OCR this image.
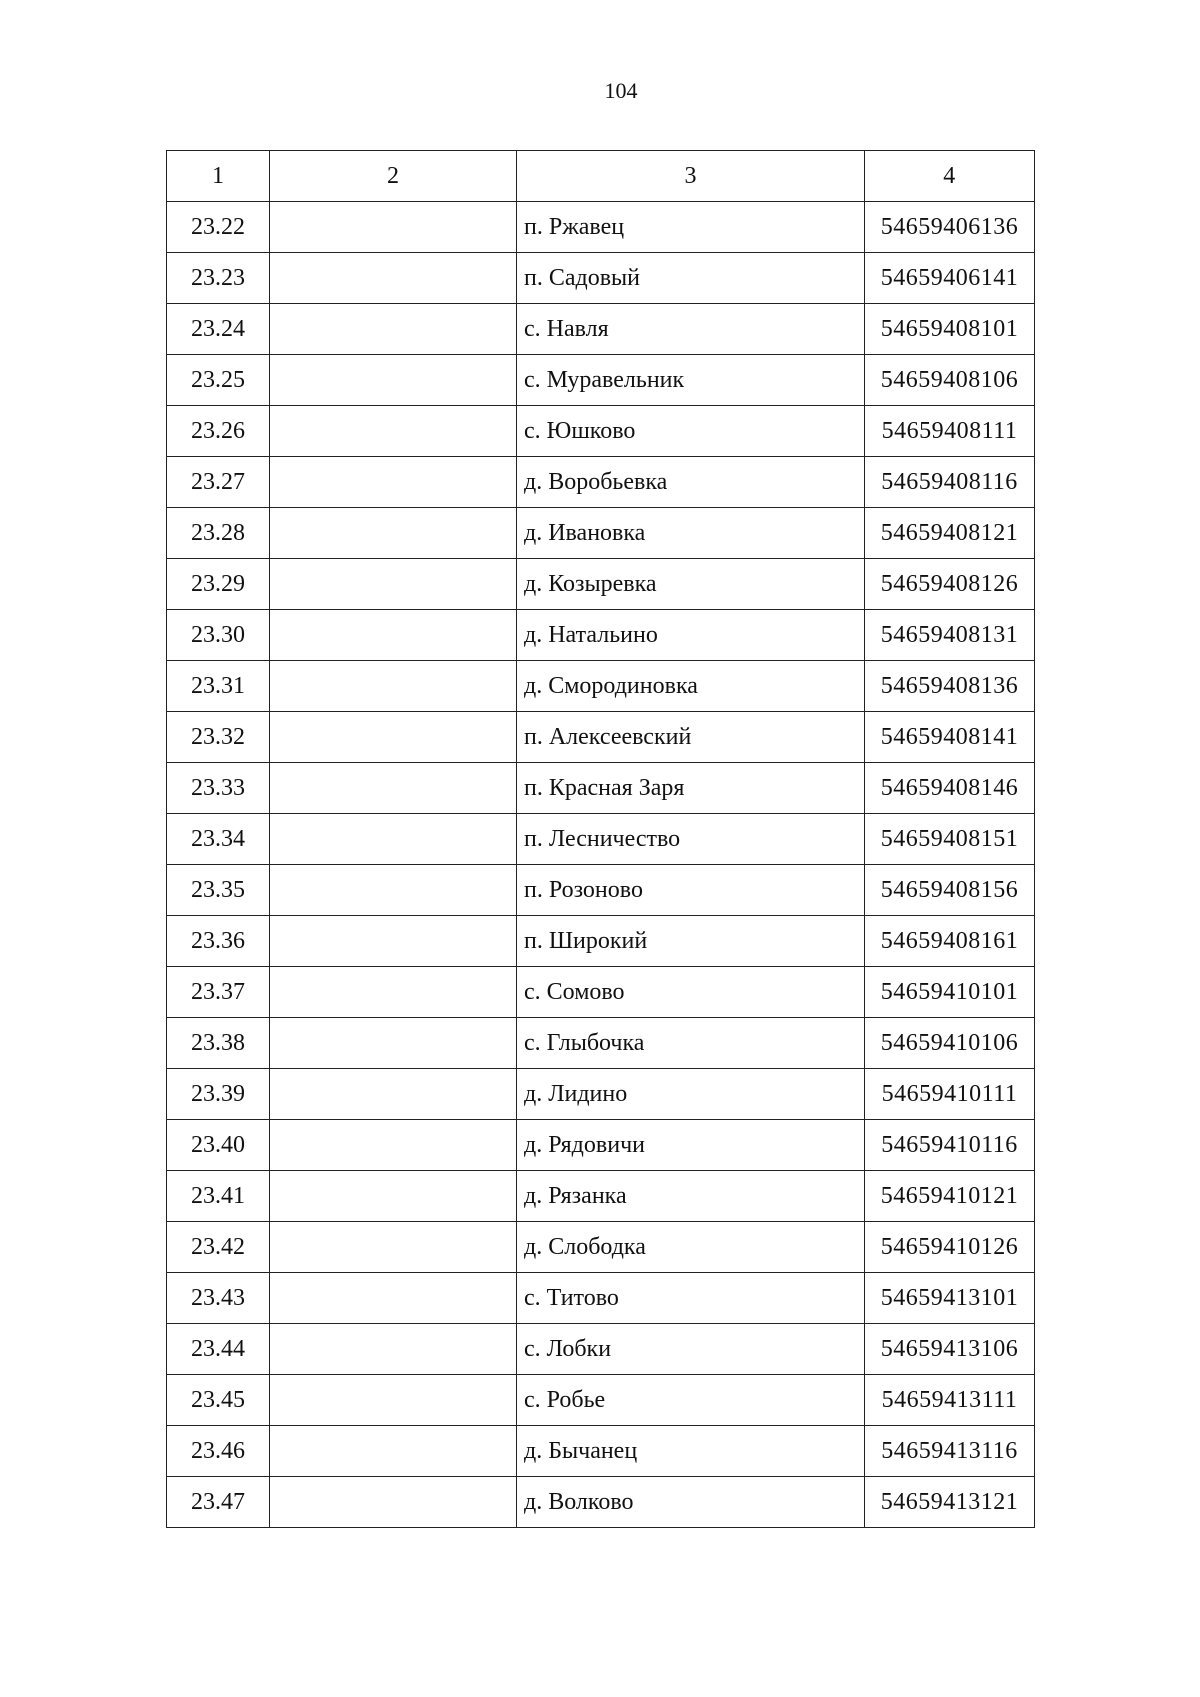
104
1	2	3	4
23.22		п. Ржавец	54659406136
23.23		п. Садовый	54659406141
23.24		с. Навля	54659408101
23.25		с. Муравельник	54659408106
23.26		с. Юшково	54659408111
23.27		д. Воробьевка	54659408116
23.28		д. Ивановка	54659408121
23.29		д. Козыревка	54659408126
23.30		д. Натальино	54659408131
23.31		д. Смородиновка	54659408136
23.32		п. Алексеевский	54659408141
23.33		п. Красная Заря	54659408146
23.34		п. Лесничество	54659408151
23.35		п. Розоново	54659408156
23.36		п. Широкий	54659408161
23.37		с. Сомово	54659410101
23.38		с. Глыбочка	54659410106
23.39		д. Лидино	54659410111
23.40		д. Рядовичи	54659410116
23.41		д. Рязанка	54659410121
23.42		д. Слободка	54659410126
23.43		с. Титово	54659413101
23.44		с. Лобки	54659413106
23.45		с. Робье	54659413111
23.46		д. Бычанец	54659413116
23.47		д. Волково	54659413121
